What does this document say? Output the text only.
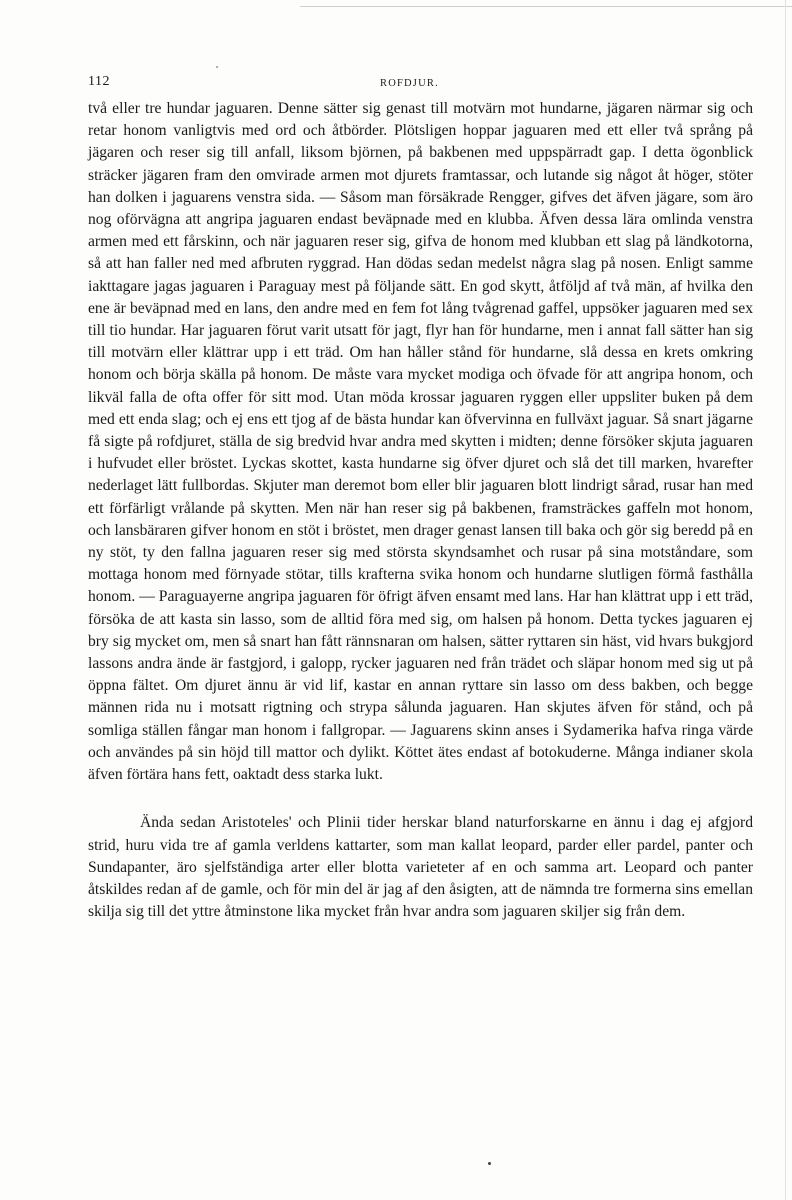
112	ROFDJUR.

två eller tre hundar jaguaren. Denne sätter sig genast till motvärn mot hundarne, jägaren närmar sig och retar honom vanligtvis med ord och åtbörder. Plötsligen hoppar jaguaren med ett eller två språng på jägaren och reser sig till anfall, liksom björnen, på bakbenen med uppspärradt gap. I detta ögonblick sträcker jägaren fram den omvirade armen mot djurets framtassar, och lutande sig något åt höger, stöter han dolken i jaguarens venstra sida. — Såsom man försäkrade Rengger, gifves det äfven jägare, som äro nog oförvägna att angripa jaguaren endast beväpnade med en klubba. Äfven dessa lära omlinda venstra armen med ett fårskinn, och när jaguaren reser sig, gifva de honom med klubban ett slag på ländkotorna, så att han faller ned med afbruten ryggrad. Han dödas sedan medelst några slag på nosen. Enligt samme iakttagare jagas jaguaren i Paraguay mest på följande sätt. En god skytt, åtföljd af två män, af hvilka den ene är beväpnad med en lans, den andre med en fem fot lång tvågrenad gaffel, uppsöker jaguaren med sex till tio hundar. Har jaguaren förut varit utsatt för jagt, flyr han för hundarne, men i annat fall sätter han sig till motvärn eller klättrar upp i ett träd. Om han håller stånd för hundarne, slå dessa en krets omkring honom och börja skälla på honom. De måste vara mycket modiga och öfvade för att angripa honom, och likväl falla de ofta offer för sitt mod. Utan möda krossar jaguaren ryggen eller uppsliter buken på dem med ett enda slag; och ej ens ett tjog af de bästa hundar kan öfvervinna en fullväxt jaguar. Så snart jägarne få sigte på rofdjuret, ställa de sig bredvid hvar andra med skytten i midten; denne försöker skjuta jaguaren i hufvudet eller bröstet. Lyckas skottet, kasta hundarne sig öfver djuret och slå det till marken, hvarefter nederlaget lätt fullbordas. Skjuter man deremot bom eller blir jaguaren blott lindrigt sårad, rusar han med ett förfärligt vrålande på skytten. Men när han reser sig på bakbenen, framsträckes gaffeln mot honom, och lansbäraren gifver honom en stöt i bröstet, men drager genast lansen till baka och gör sig beredd på en ny stöt, ty den fallna jaguaren reser sig med största skyndsamhet och rusar på sina motståndare, som mottaga honom med förnyade stötar, tills krafterna svika honom och hundarne slutligen förmå fasthålla honom. — Paraguayerne angripa jaguaren för öfrigt äfven ensamt med lans. Har han klättrat upp i ett träd, försöka de att kasta sin lasso, som de alltid föra med sig, om halsen på honom. Detta tyckes jaguaren ej bry sig mycket om, men så snart han fått rännsnaran om halsen, sätter ryttaren sin häst, vid hvars bukgjord lassons andra ände är fastgjord, i galopp, rycker jaguaren ned från trädet och släpar honom med sig ut på öppna fältet. Om djuret ännu är vid lif, kastar en annan ryttare sin lasso om dess bakben, och begge männen rida nu i motsatt rigtning och strypa sålunda jaguaren. Han skjutes äfven för stånd, och på somliga ställen fångar man honom i fallgropar. — Jaguarens skinn anses i Sydamerika hafva ringa värde och användes på sin höjd till mattor och dylikt. Köttet ätes endast af botokuderne. Många indianer skola äfven förtära hans fett, oaktadt dess starka lukt.

Ända sedan Aristoteles' och Plinii tider herskar bland naturforskarne en ännu i dag ej afgjord strid, huru vida tre af gamla verldens kattarter, som man kallat leopard, parder eller pardel, panter och Sundapanter, äro sjelfständiga arter eller blotta varieteter af en och samma art. Leopard och panter åtskildes redan af de gamle, och för min del är jag af den åsigten, att de nämnda tre formerna sins emellan skilja sig till det yttre åtminstone lika mycket från hvar andra som jaguaren skiljer sig från dem.
